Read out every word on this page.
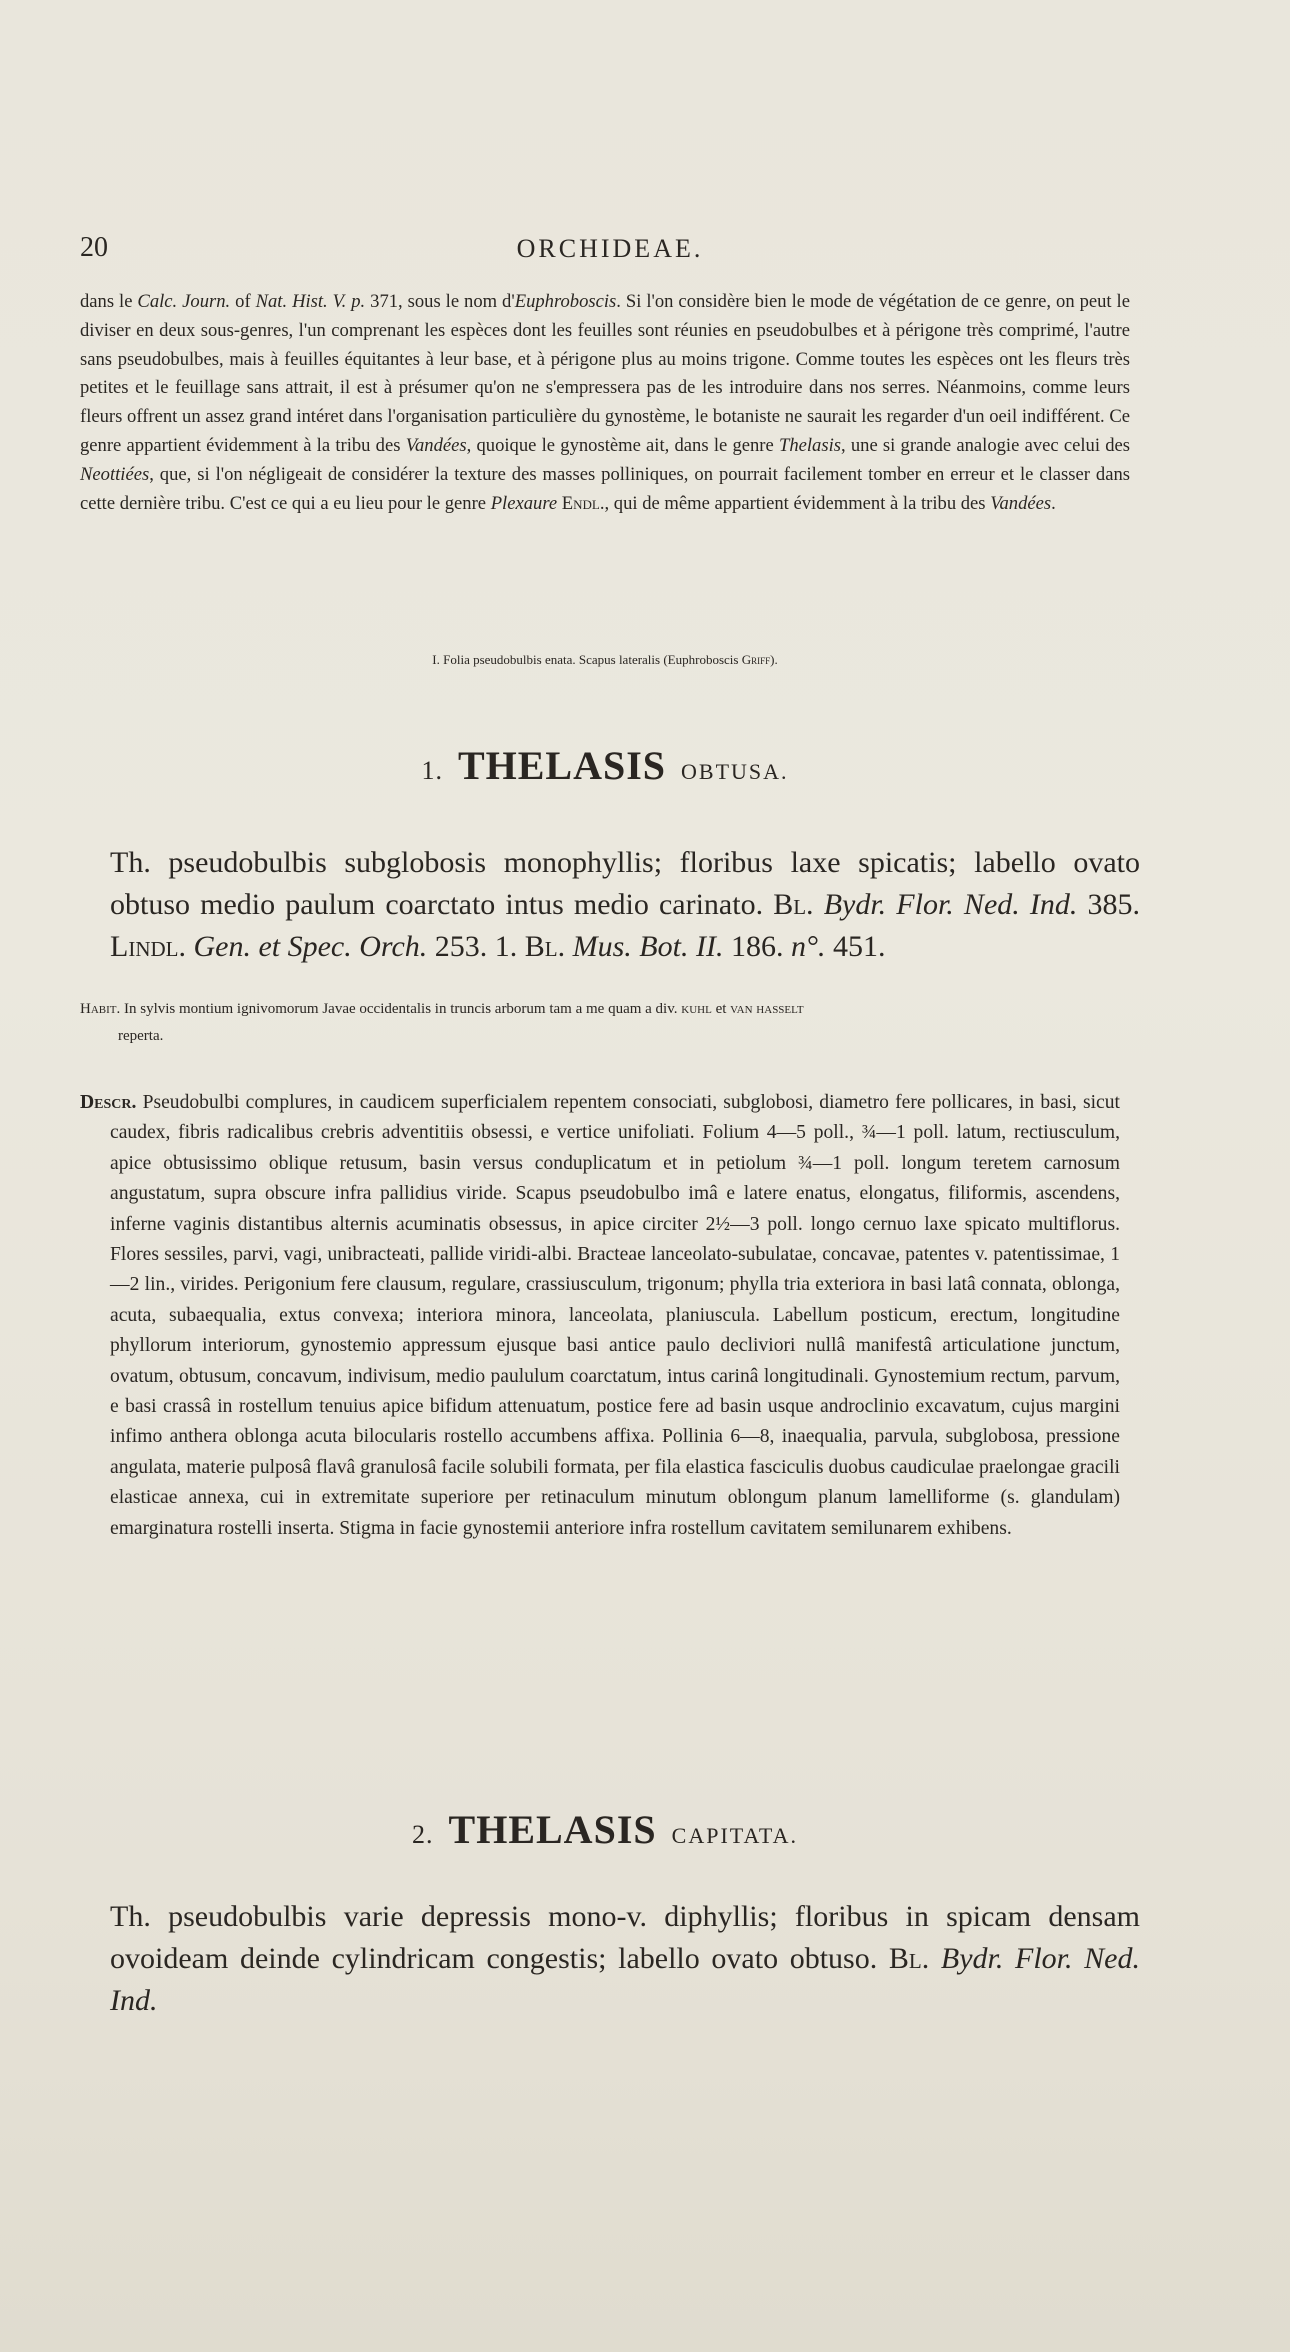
20	ORCHIDEAE.
dans le Calc. Journ. of Nat. Hist. V. p. 371, sous le nom d'Euphroboscis. Si l'on considère bien le mode de végétation de ce genre, on peut le diviser en deux sous-genres, l'un comprenant les espèces dont les feuilles sont réunies en pseudobulbes et à périgone très comprimé, l'autre sans pseudobulbes, mais à feuilles équitantes à leur base, et à périgone plus au moins trigone. Comme toutes les espèces ont les fleurs très petites et le feuillage sans attrait, il est à présumer qu'on ne s'empressera pas de les introduire dans nos serres. Néanmoins, comme leurs fleurs offrent un assez grand intéret dans l'organisation particulière du gynostème, le botaniste ne saurait les regarder d'un oeil indifférent. Ce genre appartient évidemment à la tribu des Vandées, quoique le gynostème ait, dans le genre Thelasis, une si grande analogie avec celui des Neottiées, que, si l'on négligeait de considérer la texture des masses polliniques, on pourrait facilement tomber en erreur et le classer dans cette dernière tribu. C'est ce qui a eu lieu pour le genre Plexaure Endl., qui de même appartient évidemment à la tribu des Vandées.
I. Folia pseudobulbis enata. Scapus lateralis (Euphroboscis Griff).
1. THELASIS OBTUSA.
Th. pseudobulbis subglobosis monophyllis; floribus laxe spicatis; labello ovato obtuso medio paulum coarctato intus medio carinato. Bl. Bydr. Flor. Ned. Ind. 385. Lindl. Gen. et Spec. Orch. 253. 1. Bl. Mus. Bot. II. 186. n°. 451.
Habit. In sylvis montium ignivomorum Javae occidentalis in truncis arborum tam a me quam a div. kuhl et van hasselt
reperta.

Descr. Pseudobulbi complures, in caudicem superficialem repentem consociati, subglobosi, diametro fere pollicares, in basi, sicut caudex, fibris radicalibus crebris adventitiis obsessi, e vertice unifoliati. Folium 4—5 poll., ¾—1 poll. latum, rectiusculum, apice obtusissimo oblique retusum, basin versus conduplicatum et in petiolum ¾—1 poll. longum teretem carnosum angustatum, supra obscure infra pallidius viride. Scapus pseudobulbo imâ e latere enatus, elongatus, filiformis, ascendens, inferne vaginis distantibus alternis acuminatis obsessus, in apice circiter 2½—3 poll. longo cernuo laxe spicato multiflorus. Flores sessiles, parvi, vagi, unibracteati, pallide viridi-albi. Bracteae lanceolato-subulatae, concavae, patentes v. patentissimae, 1—2 lin., virides. Perigonium fere clausum, regulare, crassiusculum, trigonum; phylla tria exteriora in basi latâ connata, oblonga, acuta, subaequalia, extus convexa; interiora minora, lanceolata, planiuscula. Labellum posticum, erectum, longitudine phyllorum interiorum, gynostemio appressum ejusque basi antice paulo decliviori nullâ manifestâ articulatione junctum, ovatum, obtusum, concavum, indivisum, medio paululum coarctatum, intus carinâ longitudinali. Gynostemium rectum, parvum, e basi crassâ in rostellum tenuius apice bifidum attenuatum, postice fere ad basin usque androclinio excavatum, cujus margini infimo anthera oblonga acuta bilocularis rostello accumbens affixa. Pollinia 6—8, inaequalia, parvula, subglobosa, pressione angulata, materie pulposâ flavâ granulosâ facile solubili formata, per fila elastica fasciculis duobus caudiculae praelongae gracili elasticae annexa, cui in extremitate superiore per retinaculum minutum oblongum planum lamelliforme (s. glandulam) emarginatura rostelli inserta. Stigma in facie gynostemii anteriore infra rostellum cavitatem semilunarem exhibens.

2. THELASIS CAPITATA.
Th. pseudobulbis varie depressis mono-v. diphyllis; floribus in spicam densam ovoideam deinde cylindricam congestis; labello ovato obtuso. Bl. Bydr. Flor. Ned. Ind.
